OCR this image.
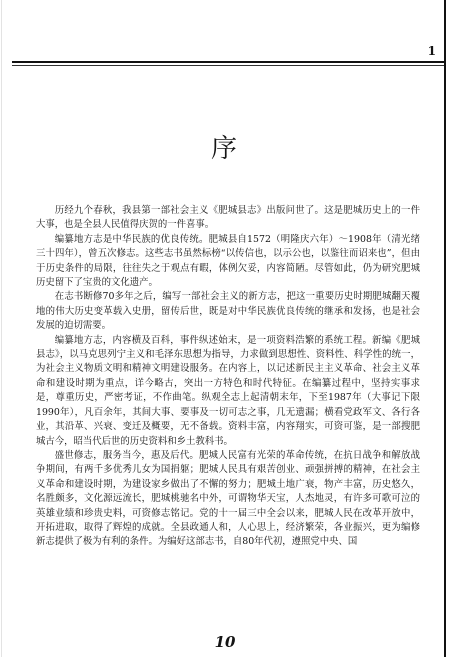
1
序

历经九个春秋，我县第一部社会主义《肥城县志》出版问世了。这是肥城历史上的一件大事，也是全县人民值得庆贺的一件喜事。

编纂地方志是中华民族的优良传统。肥城县自1572（明隆庆六年）～1908年（清光绪三十四年），曾五次修志。这些志书虽然标榜“以传信也，以示公也，以鉴往而诏来也”，但由于历史条件的局限，往往失之于观点有暇，体例欠妥，内容简陋。尽管如此，仍为研究肥城历史留下了宝贵的文化遗产。

在志书断修70多年之后，编写一部社会主义的新方志，把这一重要历史时期肥城翻天覆地的伟大历史变革载入史册，留传后世，既是对中华民族优良传统的继承和发扬，也是社会发展的迫切需要。

编纂地方志，内容横及百科，事件纵述始末，是一项资料浩繁的系统工程。新编《肥城县志》，以马克思列宁主义和毛泽东思想为指导，力求做到思想性、资料性、科学性的统一，为社会主义物质文明和精神文明建设服务。在内容上，以记述新民主主义革命、社会主义革命和建设时期为重点，详今略古，突出一方特色和时代特征。在编纂过程中，坚持实事求是，尊重历史，严密考证，不作曲笔。纵观全志上起清朝末年，下至1987年（大事记下限1990年），凡百余年，其间大事、要事及一切可志之事，几无遗漏；横看党政军文、各行各业，其沿革、兴衰、变迁及概要，无不备载。资料丰富，内容翔实，可资可鉴，是一部搜肥城古今，昭当代后世的历史资料和乡土教科书。

盛世修志，服务当今，惠及后代。肥城人民富有光荣的革命传统，在抗日战争和解放战争期间，有两千多优秀儿女为国捐躯；肥城人民具有艰苦创业、顽强拼搏的精神，在社会主义革命和建设时期，为建设家乡做出了不懈的努力；肥城土地广衰，物产丰富，历史悠久，名胜颇多，文化源远流长，肥城桃驰名中外，可谓物华天宝，人杰地灵，有许多可歌可泣的英雄业绩和珍贵史料，可资修志铭记。党的十一届三中全会以来，肥城人民在改革开放中，开拓进取，取得了辉煌的成就。全县政通人和，人心思上，经济繁荣，各业振兴，更为编修新志提供了极为有利的条件。为编好这部志书，自80年代初，遵照党中央、国

10
